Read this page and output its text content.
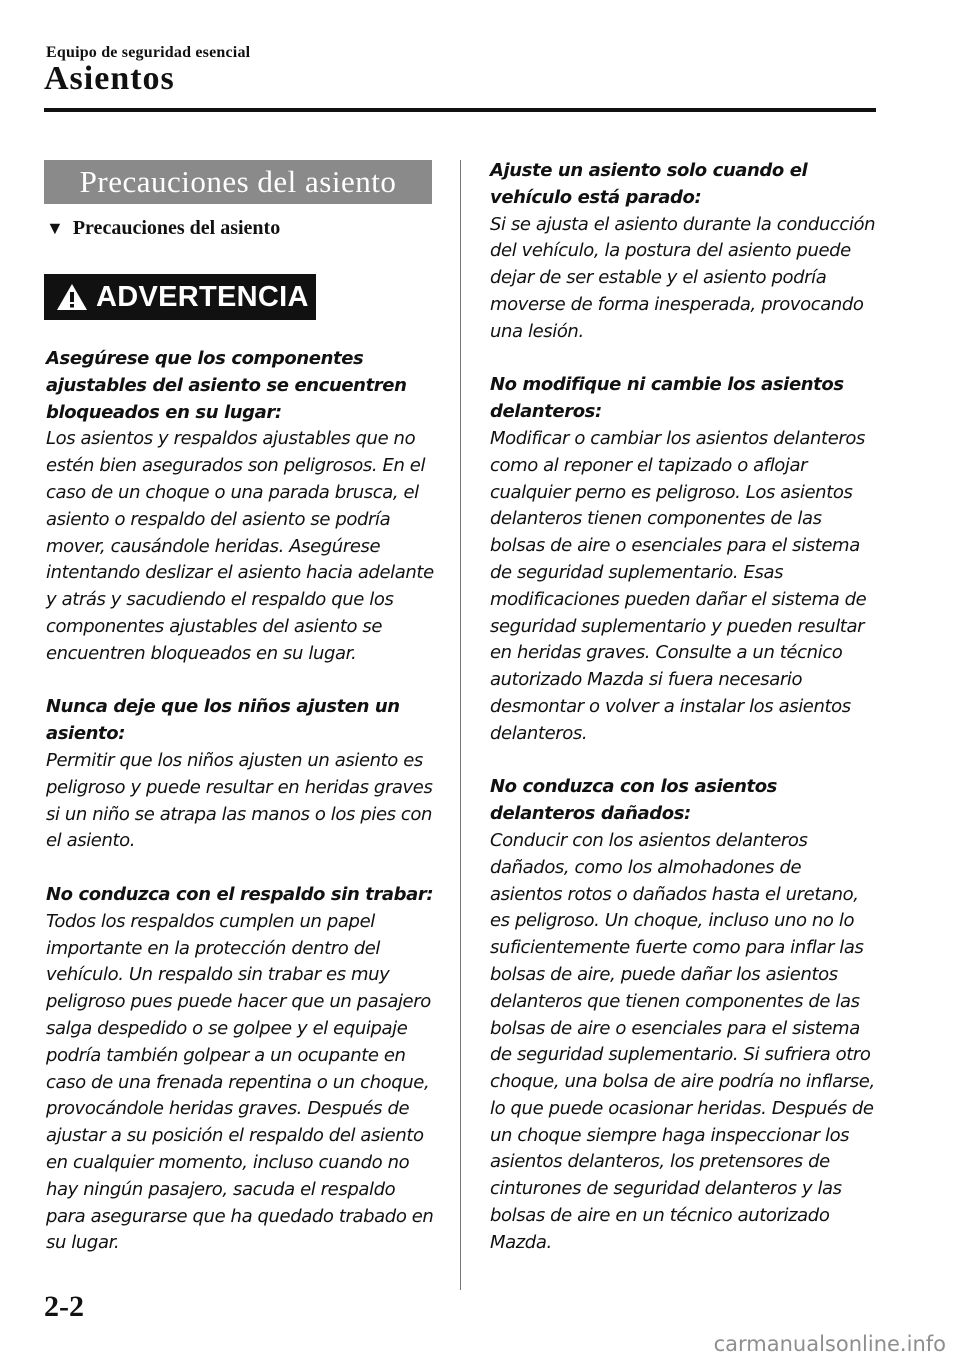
Equipo de seguridad esencial
Asientos
Precauciones del asiento
▼ Precauciones del asiento
ADVERTENCIA
Asegúrese que los componentes ajustables del asiento se encuentren bloqueados en su lugar:
Los asientos y respaldos ajustables que no estén bien asegurados son peligrosos. En el caso de un choque o una parada brusca, el asiento o respaldo del asiento se podría mover, causándole heridas. Asegúrese intentando deslizar el asiento hacia adelante y atrás y sacudiendo el respaldo que los componentes ajustables del asiento se encuentren bloqueados en su lugar.
Nunca deje que los niños ajusten un asiento:
Permitir que los niños ajusten un asiento es peligroso y puede resultar en heridas graves si un niño se atrapa las manos o los pies con el asiento.
No conduzca con el respaldo sin trabar:
Todos los respaldos cumplen un papel importante en la protección dentro del vehículo. Un respaldo sin trabar es muy peligroso pues puede hacer que un pasajero salga despedido o se golpee y el equipaje podría también golpear a un ocupante en caso de una frenada repentina o un choque, provocándole heridas graves. Después de ajustar a su posición el respaldo del asiento en cualquier momento, incluso cuando no hay ningún pasajero, sacuda el respaldo para asegurarse que ha quedado trabado en su lugar.
Ajuste un asiento solo cuando el vehículo está parado:
Si se ajusta el asiento durante la conducción del vehículo, la postura del asiento puede dejar de ser estable y el asiento podría moverse de forma inesperada, provocando una lesión.
No modifique ni cambie los asientos delanteros:
Modificar o cambiar los asientos delanteros como al reponer el tapizado o aflojar cualquier perno es peligroso. Los asientos delanteros tienen componentes de las bolsas de aire o esenciales para el sistema de seguridad suplementario. Esas modificaciones pueden dañar el sistema de seguridad suplementario y pueden resultar en heridas graves. Consulte a un técnico autorizado Mazda si fuera necesario desmontar o volver a instalar los asientos delanteros.
No conduzca con los asientos delanteros dañados:
Conducir con los asientos delanteros dañados, como los almohadones de asientos rotos o dañados hasta el uretano, es peligroso. Un choque, incluso uno no lo suficientemente fuerte como para inflar las bolsas de aire, puede dañar los asientos delanteros que tienen componentes de las bolsas de aire o esenciales para el sistema de seguridad suplementario. Si sufriera otro choque, una bolsa de aire podría no inflarse, lo que puede ocasionar heridas. Después de un choque siempre haga inspeccionar los asientos delanteros, los pretensores de cinturones de seguridad delanteros y las bolsas de aire en un técnico autorizado Mazda.
2-2
carmanualsonline.info
